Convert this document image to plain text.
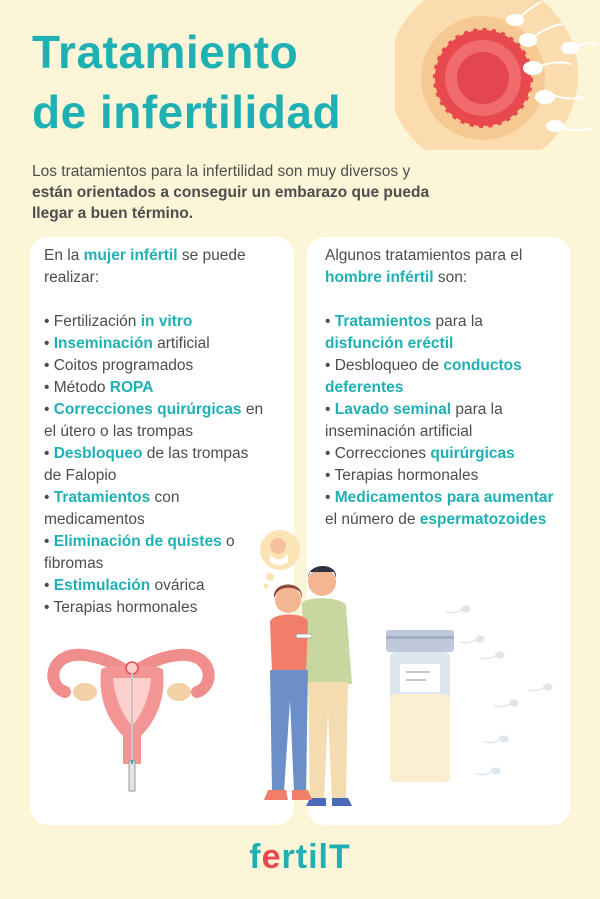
Tratamiento
de infertilidad

Los tratamientos para la infertilidad son muy diversos y están orientados a conseguir un embarazo que pueda llegar a buen término.

En la mujer infértil se puede realizar:
• Fertilización in vitro
• Inseminación artificial
• Coitos programados
• Método ROPA
• Correcciones quirúrgicas en el útero o las trompas
• Desbloqueo de las trompas de Falopio
• Tratamientos con medicamentos
• Eliminación de quistes o fibromas
• Estimulación ovárica
• Terapias hormonales
Algunos tratamientos para el hombre infértil son:
• Tratamientos para la disfunción eréctil
• Desbloqueo de conductos deferentes
• Lavado seminal para la inseminación artificial
• Correcciones quirúrgicas
• Terapias hormonales
• Medicamentos para aumentar el número de espermatozoides
fertilT
